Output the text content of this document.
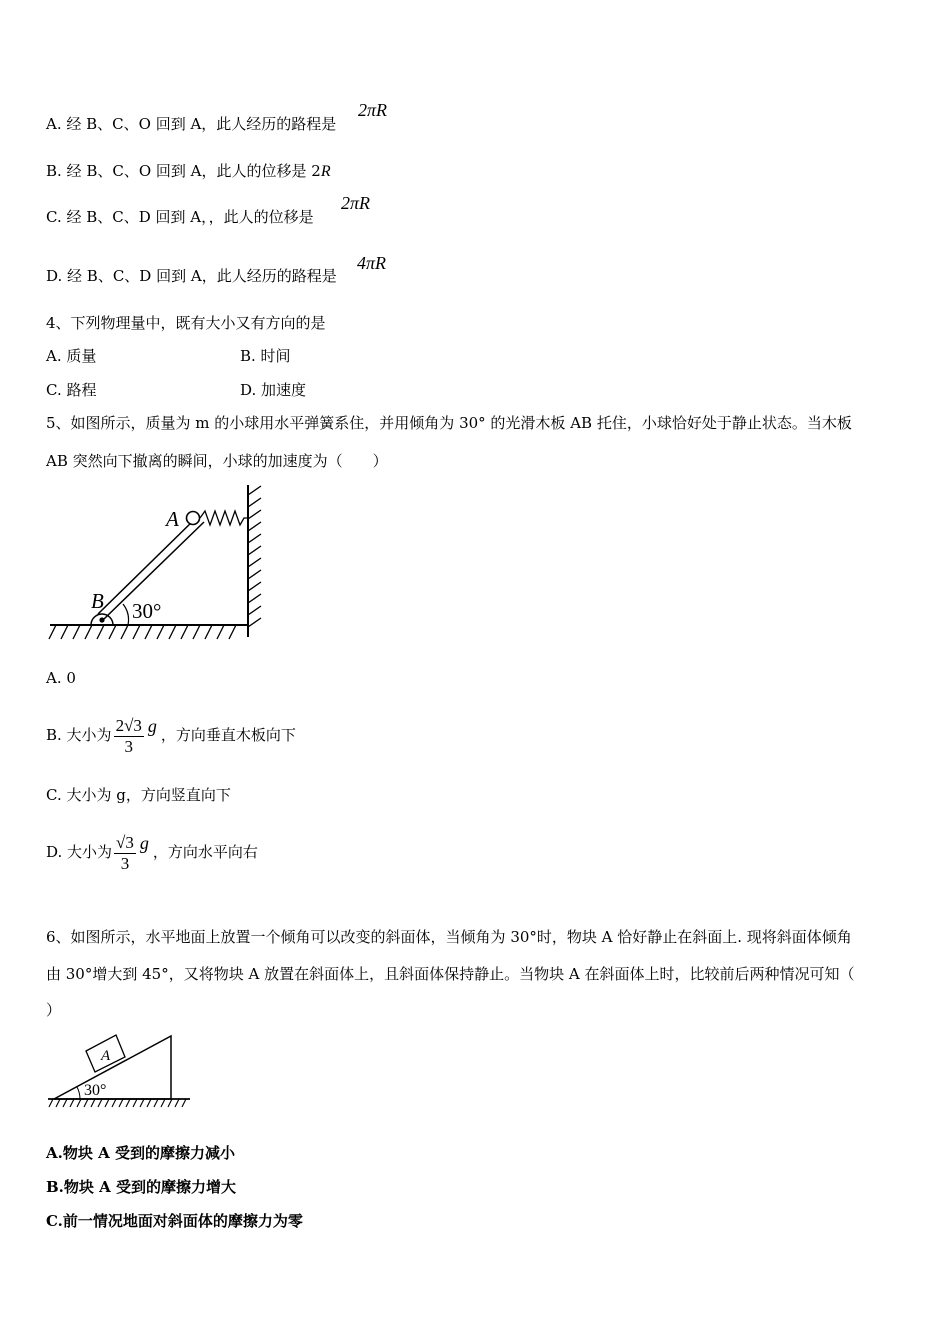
A. 经 B、C、O 回到 A，此人经历的路程是
2πR
B. 经 B、C、O 回到 A，此人的位移是 2R
C. 经 B、C、D 回到 A，，此人的位移是
2πR
D. 经 B、C、D 回到 A，此人经历的路程是
4πR
4、下列物理量中，既有大小又有方向的是
A. 质量	B. 时间
C. 路程	D. 加速度
5、如图所示，质量为 m 的小球用水平弹簧系住，并用倾角为 30° 的光滑木板 AB 托住，小球恰好处于静止状态。当木板
AB 突然向下撤离的瞬间，小球的加速度为（　　）
A
B 30°
A. 0
B. 大小为 $\frac{2√3}{3}$ g ，方向垂直木板向下
C. 大小为 g，方向竖直向下
D. 大小为 $\frac{√3}{3}$ g ，方向水平向右
6、如图所示，水平地面上放置一个倾角可以改变的斜面体，当倾角为 30°时，物块 A 恰好静止在斜面上. 现将斜面体倾角
由 30°增大到 45°，又将物块 A 放置在斜面体上，且斜面体保持静止。当物块 A 在斜面体上时，比较前后两种情况可知（
）
A
30°
A.物块 A 受到的摩擦力减小
B.物块 A 受到的摩擦力增大
C.前一情况地面对斜面体的摩擦力为零
